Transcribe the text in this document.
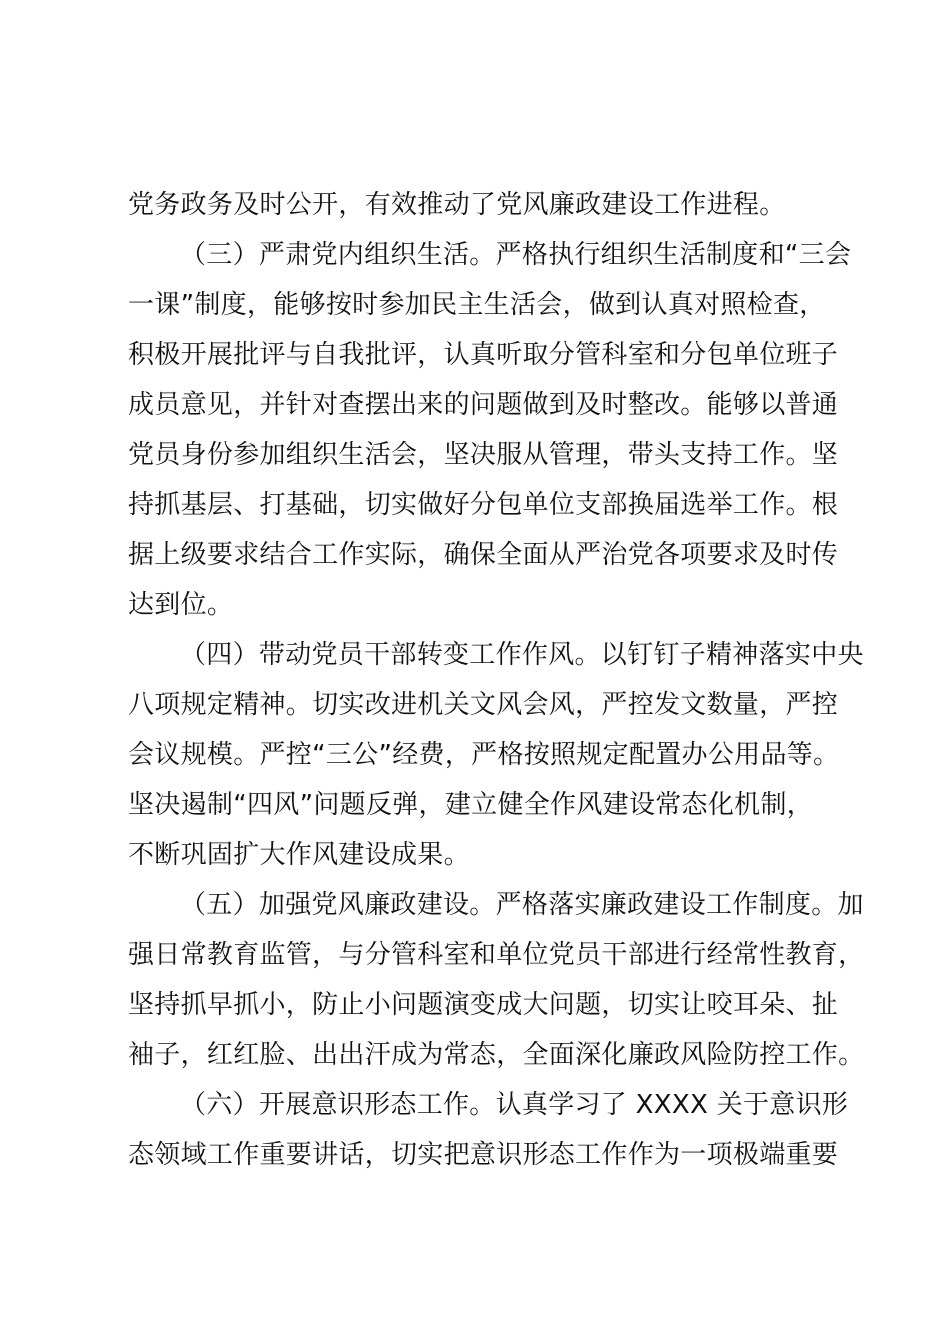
党务政务及时公开，有效推动了党风廉政建设工作进程。
（三）严肃党内组织生活。严格执行组织生活制度和“三会
一课”制度，能够按时参加民主生活会，做到认真对照检查，
积极开展批评与自我批评，认真听取分管科室和分包单位班子
成员意见，并针对查摆出来的问题做到及时整改。能够以普通
党员身份参加组织生活会，坚决服从管理，带头支持工作。坚
持抓基层、打基础，切实做好分包单位支部换届选举工作。根
据上级要求结合工作实际，确保全面从严治党各项要求及时传
达到位。
（四）带动党员干部转变工作作风。以钉钉子精神落实中央
八项规定精神。切实改进机关文风会风，严控发文数量，严控
会议规模。严控“三公”经费，严格按照规定配置办公用品等。
坚决遏制“四风”问题反弹，建立健全作风建设常态化机制，
不断巩固扩大作风建设成果。
（五）加强党风廉政建设。严格落实廉政建设工作制度。加
强日常教育监管，与分管科室和单位党员干部进行经常性教育，
坚持抓早抓小，防止小问题演变成大问题，切实让咬耳朵、扯
袖子，红红脸、出出汗成为常态，全面深化廉政风险防控工作。
（六）开展意识形态工作。认真学习了 XXXX 关于意识形
态领域工作重要讲话，切实把意识形态工作作为一项极端重要
